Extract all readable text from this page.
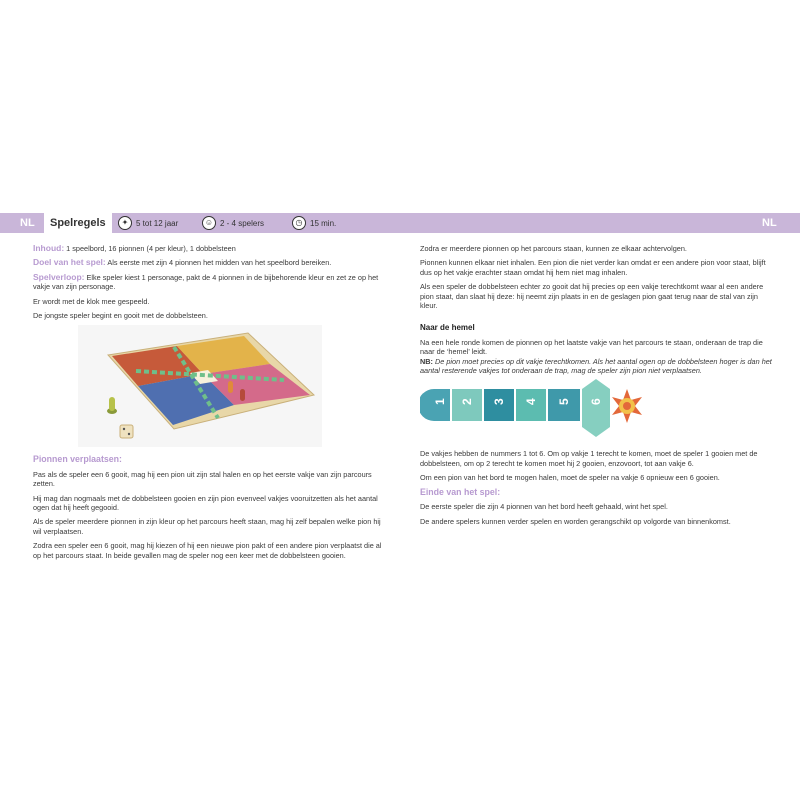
NL	Spelregels	✦ 5 tot 12 jaar	☺ 2 - 4 spelers	◷ 15 min.	NL

Inhoud: 1 speelbord, 16 pionnen (4 per kleur), 1 dobbelsteen

Doel van het spel: Als eerste met zijn 4 pionnen het midden van het speelbord bereiken.

Spelverloop: Elke speler kiest 1 personage, pakt de 4 pionnen in de bijbehorende kleur en zet ze op het vakje van zijn personage.

Er wordt met de klok mee gespeeld.

De jongste speler begint en gooit met de dobbelsteen.

Pionnen verplaatsen:

Pas als de speler een 6 gooit, mag hij een pion uit zijn stal halen en op het eerste vakje van zijn parcours zetten.

Hij mag dan nogmaals met de dobbelsteen gooien en zijn pion evenveel vakjes vooruitzetten als het aantal ogen dat hij heeft gegooid.

Als de speler meerdere pionnen in zijn kleur op het parcours heeft staan, mag hij zelf bepalen welke pion hij wil verplaatsen.

Zodra een speler een 6 gooit, mag hij kiezen of hij een nieuwe pion pakt of een andere pion verplaatst die al op het parcours staat. In beide gevallen mag de speler nog een keer met de dobbelsteen gooien.

Zodra er meerdere pionnen op het parcours staan, kunnen ze elkaar achtervolgen.

Pionnen kunnen elkaar niet inhalen. Een pion die niet verder kan omdat er een andere pion voor staat, blijft dus op het vakje erachter staan omdat hij hem niet mag inhalen.

Als een speler de dobbelsteen echter zo gooit dat hij precies op een vakje terechtkomt waar al een andere pion staat, dan slaat hij deze: hij neemt zijn plaats in en de geslagen pion gaat terug naar de stal van zijn kleur.

Naar de hemel

Na een hele ronde komen de pionnen op het laatste vakje van het parcours te staan, onderaan de trap die naar de ‘hemel’ leidt.
NB: De pion moet precies op dit vakje terechtkomen. Als het aantal ogen op de dobbelsteen hoger is dan het aantal resterende vakjes tot onderaan de trap, mag de speler zijn pion niet verplaatsen.

1 2 3 4 5 6

De vakjes hebben de nummers 1 tot 6. Om op vakje 1 terecht te komen, moet de speler 1 gooien met de dobbelsteen, om op 2 terecht te komen moet hij 2 gooien, enzovoort, tot aan vakje 6.

Om een pion van het bord te mogen halen, moet de speler na vakje 6 opnieuw een 6 gooien.

Einde van het spel:

De eerste speler die zijn 4 pionnen van het bord heeft gehaald, wint het spel.

De andere spelers kunnen verder spelen en worden gerangschikt op volgorde van binnenkomst.
